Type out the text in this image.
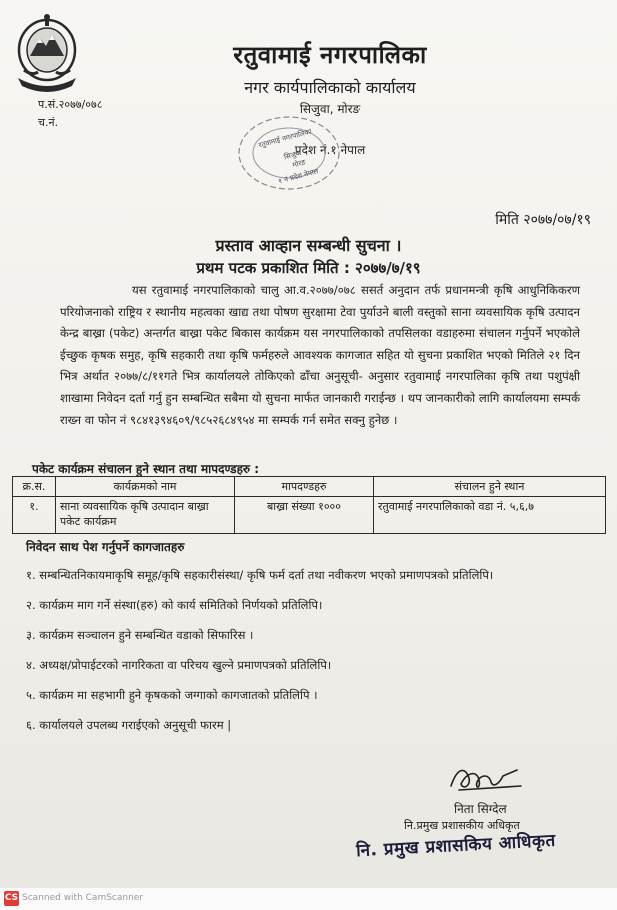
रतुवामाई नगरपालिका
नगर कार्यपालिकाको कार्यालय
सिजुवा, मोरङ
प्रदेश नं.१ नेपाल
प.सं.२०७७/०७८
च.नं.
रतुवामाई नगरपालिका
सिजुवा
मोरङ
१ नं प्रदेश नेपाल
मिति २०७७/०७/१९
प्रस्ताव आव्हान सम्बन्धी सुचना ।
प्रथम पटक प्रकाशित मिति : २०७७/७/१९
यस रतुवामाई नगरपालिकाको चालु आ.व.२०७७/०७८ ससर्त अनुदान तर्फ प्रधानमन्त्री कृषि आधुनिकिकरण परियोजनाको राष्ट्रिय र स्थानीय महत्वका खाद्य तथा पोषण सुरक्षामा टेवा पुर्याउने बाली वस्तुको साना व्यवसायिक कृषि उत्पादन केन्द्र बाख्रा (पकेट) अन्तर्गत बाख्रा पकेट बिकास कार्यक्रम यस नगरपालिकाको तपसिलका वडाहरुमा संचालन गर्नुपर्ने भएकोले ईच्छुक कृषक समुह, कृषि सहकारी तथा कृषि फर्महरुले आवश्यक कागजात सहित यो सुचना प्रकाशित भएको मितिले २१ दिन भित्र अर्थात २०७७/८/११गते भित्र कार्यालयले तोकिएको ढाँचा अनुसूची- अनुसार रतुवामाई नगरपालिका कृषि तथा पशुपंक्षी शाखामा निवेदन दर्ता गर्नु हुन सम्बन्धित सबैमा यो सुचना मार्फत जानकारी गराईन्छ । थप जानकारीको लागि कार्यालयमा सम्पर्क राख्न वा फोन नं ९८४१३९४६०९/९८५२६८४९५४ मा सम्पर्क गर्न समेत सक्नु हुनेछ ।
पकेट कार्यक्रम संचालन हुने स्थान तथा मापदण्डहरु :
क्र.स.	कार्यक्रमको नाम	मापदण्डहरु	संचालन हुने स्थान
१.	साना व्यवसायिक कृषि उत्पादान बाख्रा पकेट कार्यक्रम	बाख्रा संख्या १०००	रतुवामाई नगरपालिकाको वडा नं. ५,६,७
निवेदन साथ पेश गर्नुपर्ने कागजातहरु
१. सम्बन्धितनिकायमाकृषि समूह/कृषि सहकारीसंस्था/ कृषि फर्म दर्ता तथा नवीकरण भएको प्रमाणपत्रको प्रतिलिपि।
२. कार्यक्रम माग गर्ने संस्था(हरु) को कार्य समितिको निर्णयको प्रतिलिपि।
३. कार्यक्रम सञ्चालन हुने सम्बन्धित वडाको सिफारिस ।
४. अध्यक्ष/प्रोपाईटरको नागरिकता वा परिचय खुल्ने प्रमाणपत्रको प्रतिलिपि।
५. कार्यक्रम मा सहभागी हुने कृषकको जग्गाको कागजातको प्रतिलिपि ।
६. कार्यालयले उपलब्ध गराईएको अनुसूची फारम |
निता सिग्देल
नि.प्रमुख प्रशासकीय अधिकृत
नि. प्रमुख प्रशासकिय आधिकृत
CS Scanned with CamScanner
